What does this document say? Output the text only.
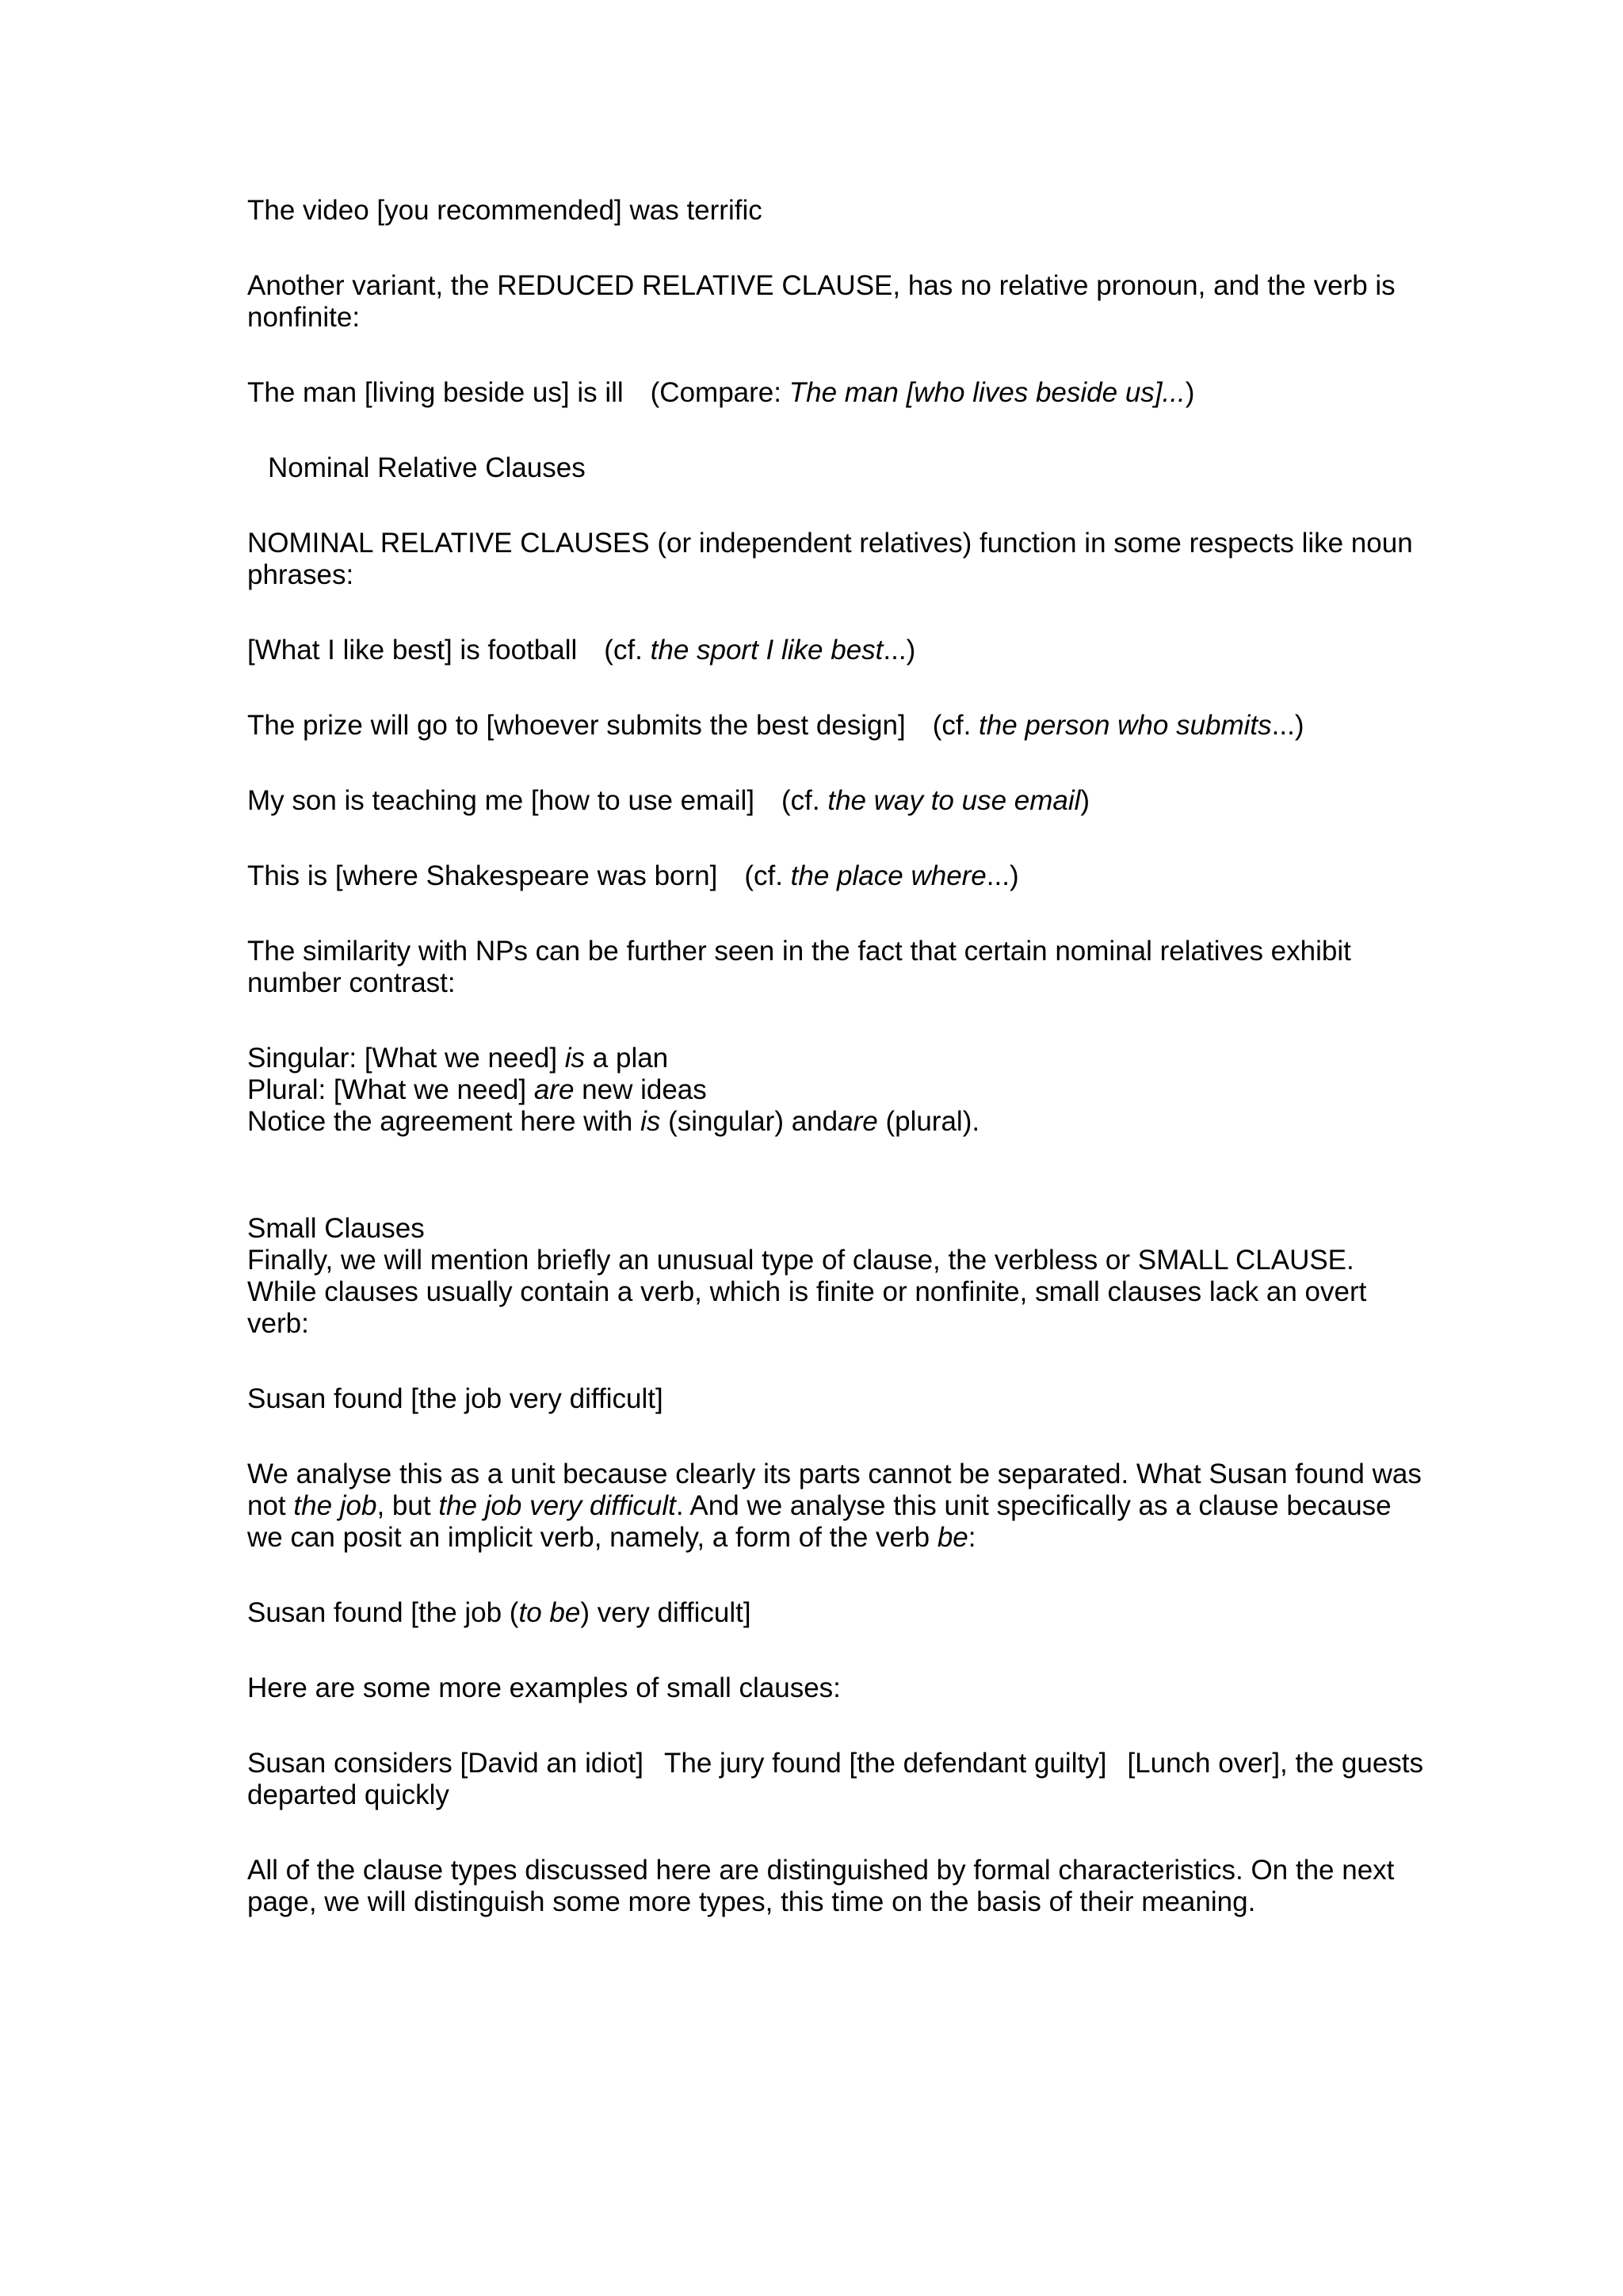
The video [you recommended] was terrific

Another variant, the REDUCED RELATIVE CLAUSE, has no relative pronoun, and the verb is nonfinite:

The man [living beside us] is ill (Compare: The man [who lives beside us]...)

Nominal Relative Clauses

NOMINAL RELATIVE CLAUSES (or independent relatives) function in some respects like noun phrases:

[What I like best] is football (cf. the sport I like best...)

The prize will go to [whoever submits the best design] (cf. the person who submits...)

My son is teaching me [how to use email] (cf. the way to use email)

This is [where Shakespeare was born] (cf. the place where...)

The similarity with NPs can be further seen in the fact that certain nominal relatives exhibit number contrast:

Singular: [What we need] is a plan
Plural: [What we need] are new ideas
Notice the agreement here with is (singular) andare (plural).

Small Clauses

Finally, we will mention briefly an unusual type of clause, the verbless or SMALL CLAUSE. While clauses usually contain a verb, which is finite or nonfinite, small clauses lack an overt verb:

Susan found [the job very difficult]

We analyse this as a unit because clearly its parts cannot be separated. What Susan found was not the job, but the job very difficult. And we analyse this unit specifically as a clause because we can posit an implicit verb, namely, a form of the verb be:

Susan found [the job (to be) very difficult]

Here are some more examples of small clauses:

Susan considers [David an idiot] The jury found [the defendant guilty] [Lunch over], the guests departed quickly

All of the clause types discussed here are distinguished by formal characteristics. On the next page, we will distinguish some more types, this time on the basis of their meaning.
